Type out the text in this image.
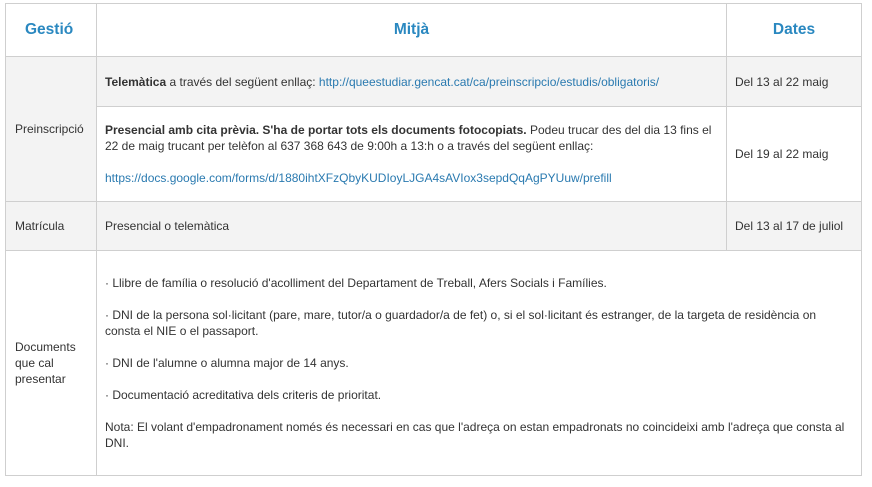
Gestió	Mitjà	Dates
Preinscripció	Telemàtica a través del següent enllaç: http://queestudiar.gencat.cat/ca/preinscripcio/estudis/obligatoris/	Del 13 al 22 maig

	Presencial amb cita prèvia. S'ha de portar tots els documents fotocopiats. Podeu trucar des del dia 13 fins el 22 de maig trucant per telèfon al 637 368 643 de 9:00h a 13:h o a través del següent enllaç:

https://docs.google.com/forms/d/1880ihtXFzQbyKUDIoyLJGA4sAVIox3sepdQqAgPYUuw/prefill	Del 19 al 22 maig
Matrícula	Presencial o telemàtica	Del 13 al 17 de juliol
Documents que cal presentar	· Llibre de família o resolució d'acolliment del Departament de Treball, Afers Socials i Famílies.

· DNI de la persona sol·licitant (pare, mare, tutor/a o guardador/a de fet) o, si el sol·licitant és estranger, de la targeta de residència on consta el NIE o el passaport.

· DNI de l'alumne o alumna major de 14 anys.

· Documentació acreditativa dels criteris de prioritat.

Nota: El volant d'empadronament només és necessari en cas que l'adreça on estan empadronats no coincideixi amb l'adreça que consta al DNI.	
